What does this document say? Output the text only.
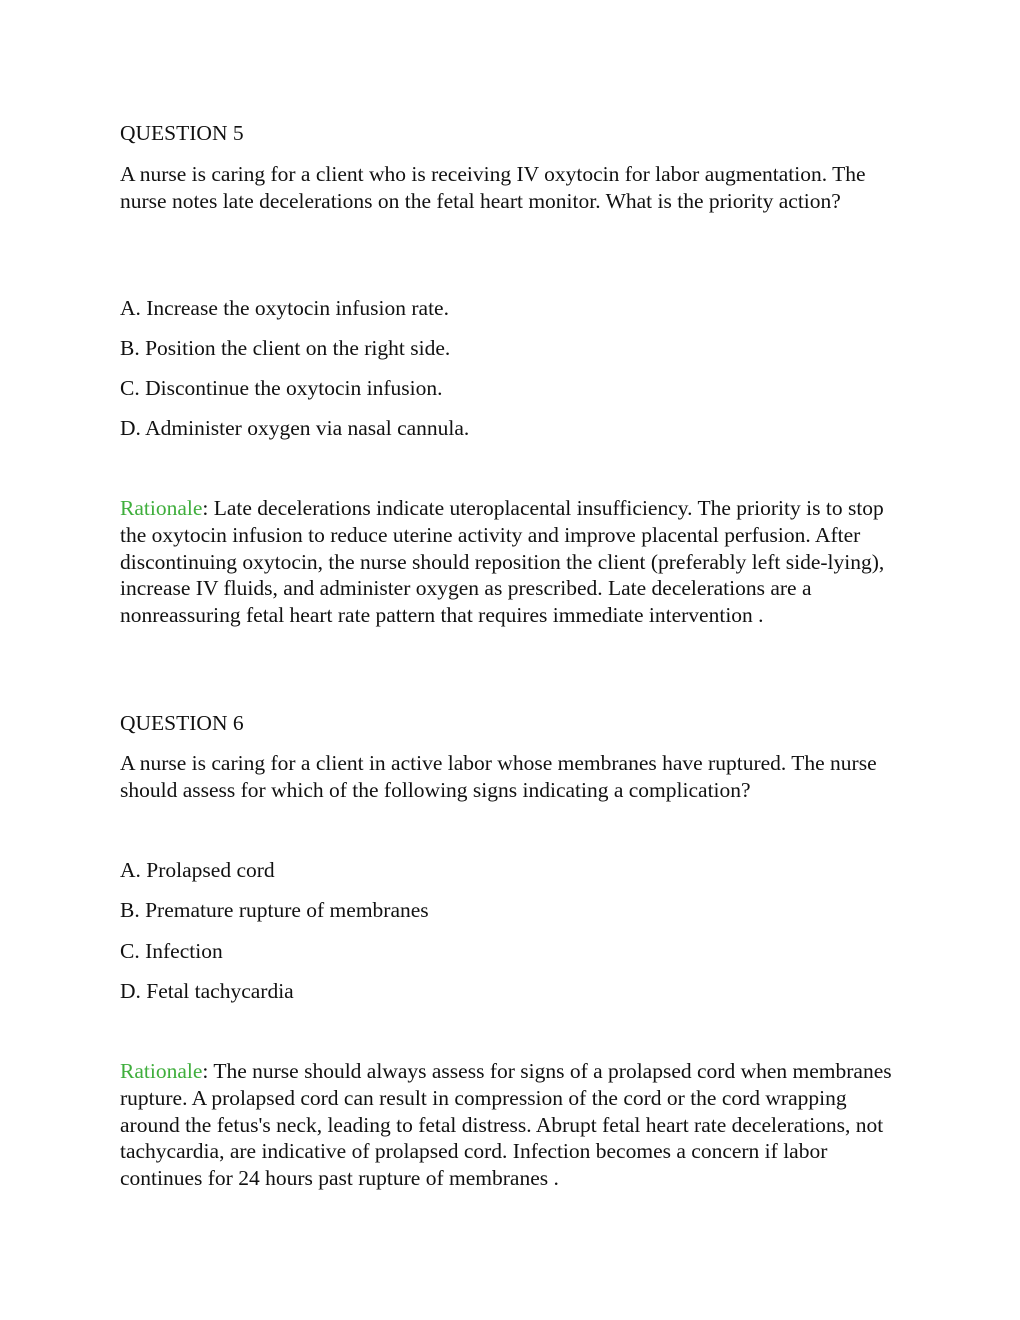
QUESTION 5
A nurse is caring for a client who is receiving IV oxytocin for labor augmentation. The nurse notes late decelerations on the fetal heart monitor. What is the priority action?
A. Increase the oxytocin infusion rate.
B. Position the client on the right side.
C. Discontinue the oxytocin infusion.
D. Administer oxygen via nasal cannula.
Rationale: Late decelerations indicate uteroplacental insufficiency. The priority is to stop the oxytocin infusion to reduce uterine activity and improve placental perfusion. After discontinuing oxytocin, the nurse should reposition the client (preferably left side-lying), increase IV fluids, and administer oxygen as prescribed. Late decelerations are a nonreassuring fetal heart rate pattern that requires immediate intervention .
QUESTION 6
A nurse is caring for a client in active labor whose membranes have ruptured. The nurse should assess for which of the following signs indicating a complication?
A. Prolapsed cord
B. Premature rupture of membranes
C. Infection
D. Fetal tachycardia
Rationale: The nurse should always assess for signs of a prolapsed cord when membranes rupture. A prolapsed cord can result in compression of the cord or the cord wrapping around the fetus's neck, leading to fetal distress. Abrupt fetal heart rate decelerations, not tachycardia, are indicative of prolapsed cord. Infection becomes a concern if labor continues for 24 hours past rupture of membranes .
